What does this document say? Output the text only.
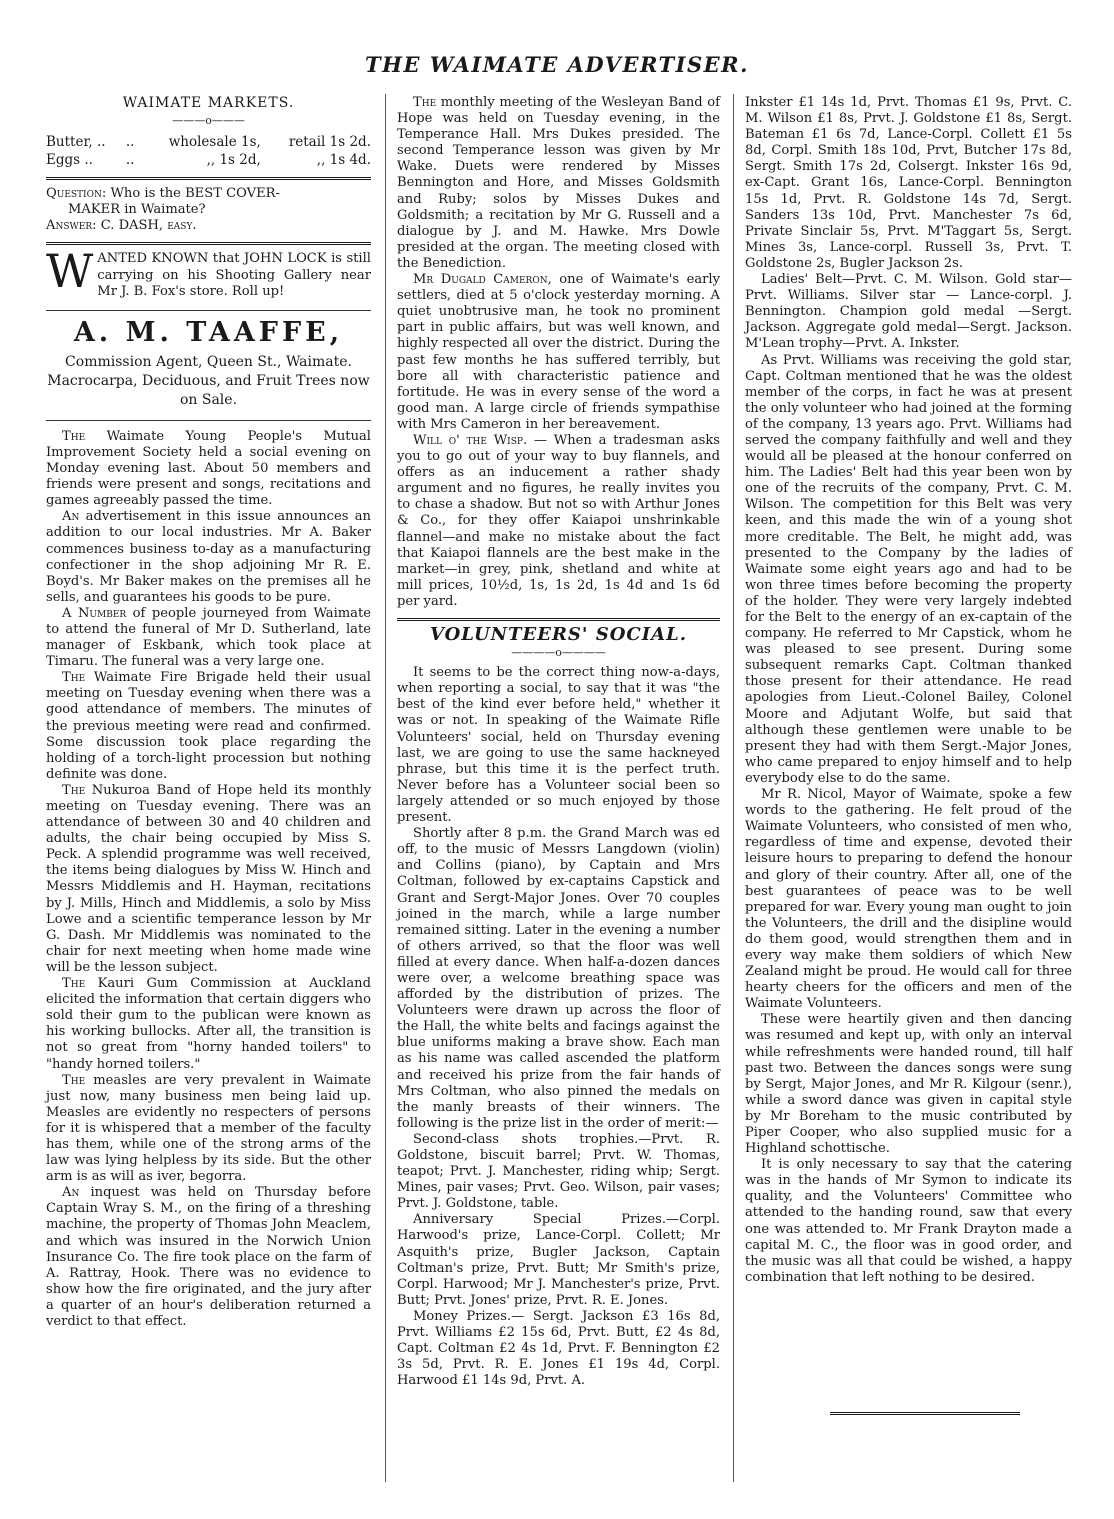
THE WAIMATE ADVERTISER.
WAIMATE MARKETS.
———o———
Butter, ..	..	wholesale 1s,	retail 1s 2d.
Eggs ..	..	,, 1s 2d,	,, 1s 4d.

Question: Who is the BEST COVER-

MAKER in Waimate?

Answer: C. DASH, easy.

W ANTED KNOWN that JOHN LOCK is still carrying on his Shooting Gallery near Mr J. B. Fox's store. Roll up!

A. M. TAAFFE,

Commission Agent, Queen St., Waimate.

Macrocarpa, Deciduous, and Fruit Trees now

on Sale.

The Waimate Young People's Mutual Improvement Society held a social evening on Monday evening last. About 50 members and friends were present and songs, recitations and games agreeably passed the time.

An advertisement in this issue announces an addition to our local industries. Mr A. Baker commences business to-day as a manufacturing confectioner in the shop adjoining Mr R. E. Boyd's. Mr Baker makes on the premises all he sells, and guarantees his goods to be pure.

A Number of people journeyed from Waimate to attend the funeral of Mr D. Sutherland, late manager of Eskbank, which took place at Timaru. The funeral was a very large one.

The Waimate Fire Brigade held their usual meeting on Tuesday evening when there was a good attendance of members. The minutes of the previous meeting were read and confirmed. Some discussion took place regarding the holding of a torch-light procession but nothing definite was done.

The Nukuroa Band of Hope held its monthly meeting on Tuesday evening. There was an attendance of between 30 and 40 children and adults, the chair being occupied by Miss S. Peck. A splendid programme was well received, the items being dialogues by Miss W. Hinch and Messrs Middlemis and H. Hayman, recitations by J. Mills, Hinch and Middlemis, a solo by Miss Lowe and a scientific temperance lesson by Mr G. Dash. Mr Middlemis was nominated to the chair for next meeting when home made wine will be the lesson subject.

The Kauri Gum Commission at Auckland elicited the information that certain diggers who sold their gum to the publican were known as his working bullocks. After all, the transition is not so great from "horny handed toilers" to "handy horned toilers."

The measles are very prevalent in Waimate just now, many business men being laid up. Measles are evidently no respecters of persons for it is whispered that a member of the faculty has them, while one of the strong arms of the law was lying helpless by its side. But the other arm is as will as iver, begorra.

An inquest was held on Thursday before Captain Wray S. M., on the firing of a threshing machine, the property of Thomas John Meaclem, and which was insured in the Norwich Union Insurance Co. The fire took place on the farm of A. Rattray, Hook. There was no evidence to show how the fire originated, and the jury after a quarter of an hour's deliberation returned a verdict to that effect.

The monthly meeting of the Wesleyan Band of Hope was held on Tuesday evening, in the Temperance Hall. Mrs Dukes presided. The second Temperance lesson was given by Mr Wake. Duets were rendered by Misses Bennington and Hore, and Misses Goldsmith and Ruby; solos by Misses Dukes and Goldsmith; a recitation by Mr G. Russell and a dialogue by J. and M. Hawke. Mrs Dowle presided at the organ. The meeting closed with the Benediction.

Mr Dugald Cameron, one of Waimate's early settlers, died at 5 o'clock yesterday morning. A quiet unobtrusive man, he took no prominent part in public affairs, but was well known, and highly respected all over the district. During the past few months he has suffered terribly, but bore all with characteristic patience and fortitude. He was in every sense of the word a good man. A large circle of friends sympathise with Mrs Cameron in her bereavement.

Will o' the Wisp. — When a tradesman asks you to go out of your way to buy flannels, and offers as an inducement a rather shady argument and no figures, he really invites you to chase a shadow. But not so with Arthur Jones & Co., for they offer Kaiapoi unshrinkable flannel—and make no mistake about the fact that Kaiapoi flannels are the best make in the market—in grey, pink, shetland and white at mill prices, 10½d, 1s, 1s 2d, 1s 4d and 1s 6d per yard.

VOLUNTEERS' SOCIAL.
————o————

It seems to be the correct thing now-a-days, when reporting a social, to say that it was "the best of the kind ever before held," whether it was or not. In speaking of the Waimate Rifle Volunteers' social, held on Thursday evening last, we are going to use the same hackneyed phrase, but this time it is the perfect truth. Never before has a Volunteer social been so largely attended or so much enjoyed by those present.

Shortly after 8 p.m. the Grand March was ed off, to the music of Messrs Langdown (violin) and Collins (piano), by Captain and Mrs Coltman, followed by ex-captains Capstick and Grant and Sergt-Major Jones. Over 70 couples joined in the march, while a large number remained sitting. Later in the evening a number of others arrived, so that the floor was well filled at every dance. When half-a-dozen dances were over, a welcome breathing space was afforded by the distribution of prizes. The Volunteers were drawn up across the floor of the Hall, the white belts and facings against the blue uniforms making a brave show. Each man as his name was called ascended the platform and received his prize from the fair hands of Mrs Coltman, who also pinned the medals on the manly breasts of their winners. The following is the prize list in the order of merit:—

Second-class shots trophies.—Prvt. R. Goldstone, biscuit barrel; Prvt. W. Thomas, teapot; Prvt. J. Manchester, riding whip; Sergt. Mines, pair vases; Prvt. Geo. Wilson, pair vases; Prvt. J. Goldstone, table.

Anniversary Special Prizes.—Corpl. Harwood's prize, Lance-Corpl. Collett; Mr Asquith's prize, Bugler Jackson, Captain Coltman's prize, Prvt. Butt; Mr Smith's prize, Corpl. Harwood; Mr J. Manchester's prize, Prvt. Butt; Prvt. Jones' prize, Prvt. R. E. Jones.

Money Prizes.— Sergt. Jackson £3 16s 8d, Prvt. Williams £2 15s 6d, Prvt. Butt, £2 4s 8d, Capt. Coltman £2 4s 1d, Prvt. F. Bennington £2 3s 5d, Prvt. R. E. Jones £1 19s 4d, Corpl. Harwood £1 14s 9d, Prvt. A.

Inkster £1 14s 1d, Prvt. Thomas £1 9s, Prvt. C. M. Wilson £1 8s, Prvt. J. Goldstone £1 8s, Sergt. Bateman £1 6s 7d, Lance-Corpl. Collett £1 5s 8d, Corpl. Smith 18s 10d, Prvt, Butcher 17s 8d, Sergt. Smith 17s 2d, Colsergt. Inkster 16s 9d, ex-Capt. Grant 16s, Lance-Corpl. Bennington 15s 1d, Prvt. R. Goldstone 14s 7d, Sergt. Sanders 13s 10d, Prvt. Manchester 7s 6d, Private Sinclair 5s, Prvt. M'Taggart 5s, Sergt. Mines 3s, Lance-corpl. Russell 3s, Prvt. T. Goldstone 2s, Bugler Jackson 2s.

Ladies' Belt—Prvt. C. M. Wilson. Gold star—Prvt. Williams. Silver star — Lance-corpl. J. Bennington. Champion gold medal —Sergt. Jackson. Aggregate gold medal—Sergt. Jackson. M'Lean trophy—Prvt. A. Inkster.

As Prvt. Williams was receiving the gold star, Capt. Coltman mentioned that he was the oldest member of the corps, in fact he was at present the only volunteer who had joined at the forming of the company, 13 years ago. Prvt. Williams had served the company faithfully and well and they would all be pleased at the honour conferred on him. The Ladies' Belt had this year been won by one of the recruits of the company, Prvt. C. M. Wilson. The competition for this Belt was very keen, and this made the win of a young shot more creditable. The Belt, he might add, was presented to the Company by the ladies of Waimate some eight years ago and had to be won three times before becoming the property of the holder. They were very largely indebted for the Belt to the energy of an ex-captain of the company. He referred to Mr Capstick, whom he was pleased to see present. During some subsequent remarks Capt. Coltman thanked those present for their attendance. He read apologies from Lieut.-Colonel Bailey, Colonel Moore and Adjutant Wolfe, but said that although these gentlemen were unable to be present they had with them Sergt.-Major Jones, who came prepared to enjoy himself and to help everybody else to do the same.

Mr R. Nicol, Mayor of Waimate, spoke a few words to the gathering. He felt proud of the Waimate Volunteers, who consisted of men who, regardless of time and expense, devoted their leisure hours to preparing to defend the honour and glory of their country. After all, one of the best guarantees of peace was to be well prepared for war. Every young man ought to join the Volunteers, the drill and the disipline would do them good, would strengthen them and in every way make them soldiers of which New Zealand might be proud. He would call for three hearty cheers for the officers and men of the Waimate Volunteers.

These were heartily given and then dancing was resumed and kept up, with only an interval while refreshments were handed round, till half past two. Between the dances songs were sung by Sergt, Major Jones, and Mr R. Kilgour (senr.), while a sword dance was given in capital style by Mr Boreham to the music contributed by Piper Cooper, who also supplied music for a Highland schottische.

It is only necessary to say that the catering was in the hands of Mr Symon to indicate its quality, and the Volunteers' Committee who attended to the handing round, saw that every one was attended to. Mr Frank Drayton made a capital M. C., the floor was in good order, and the music was all that could be wished, a happy combination that left nothing to be desired.
